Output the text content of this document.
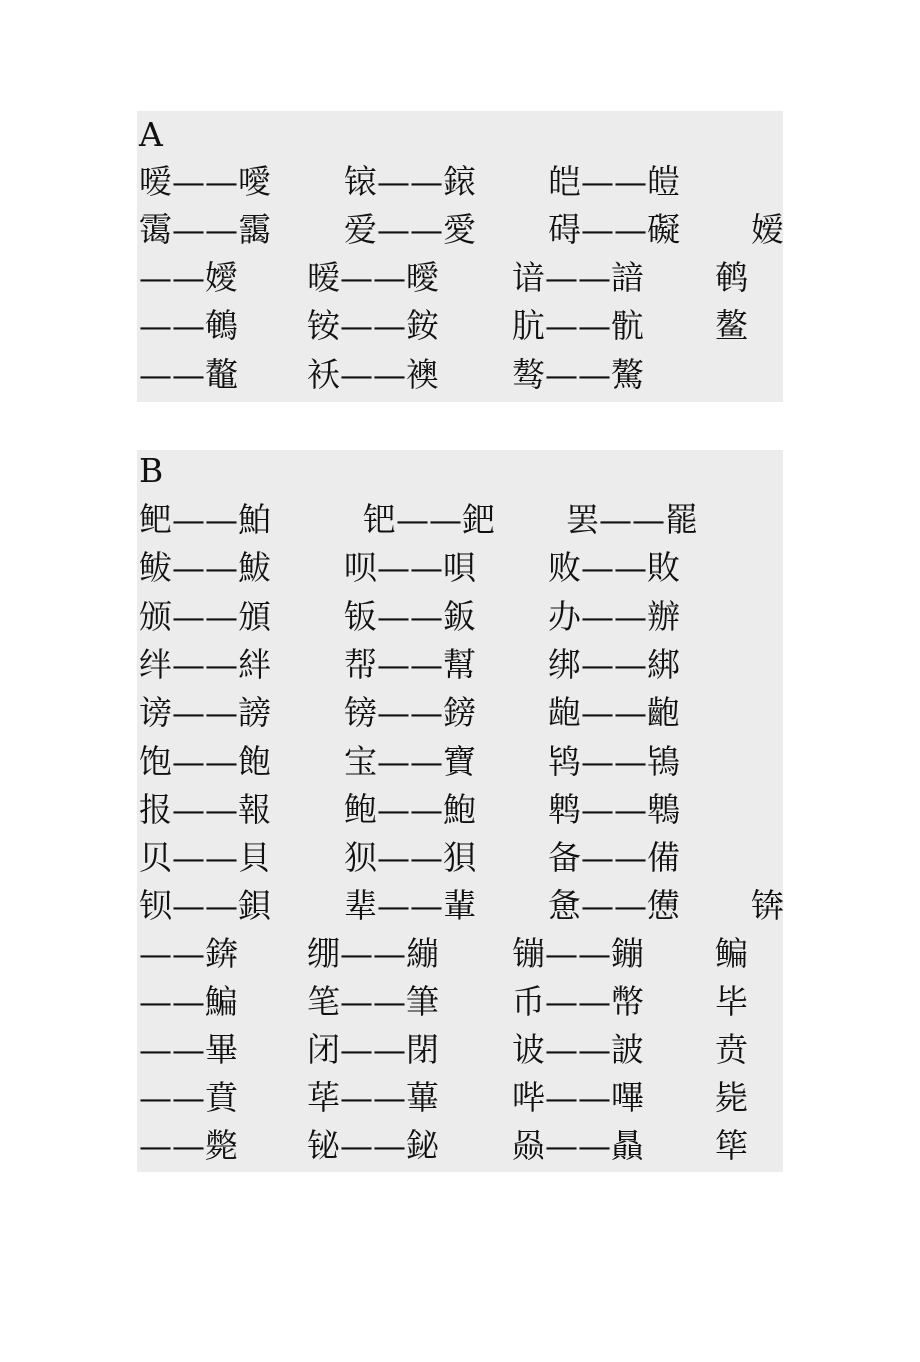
A

嗳——噯

锿——鎄

皑——皚

霭——靄

爱——愛

碍——礙

嫒

——嬡

暧——曖

谙——諳

鹌

——鵪

铵——銨

肮——骯

鳌

——鼇

袄——襖

骜——驁

B

鲃——鮊

	钯——鈀

罢——罷

鲅——鮁

呗——唄

败——敗

颁——頒

钣——鈑

办——辦

绊——絆

帮——幫

绑——綁

谤——謗

镑——鎊

龅——齙

饱——飽

宝——寶

鸨——鴇

报——報

鲍——鮑

鹎——鵯

贝——貝

狈——狽

备——備

钡——鋇

辈——輩

惫——憊

锛

——錛

绷——繃

镚——鏰

鳊

——鯿

笔——筆

币——幣

毕

——畢

闭——閉

诐——詖

贲

——賁

荜——蓽

哔——嗶

毙

——斃

铋——鉍

赑——贔

筚
